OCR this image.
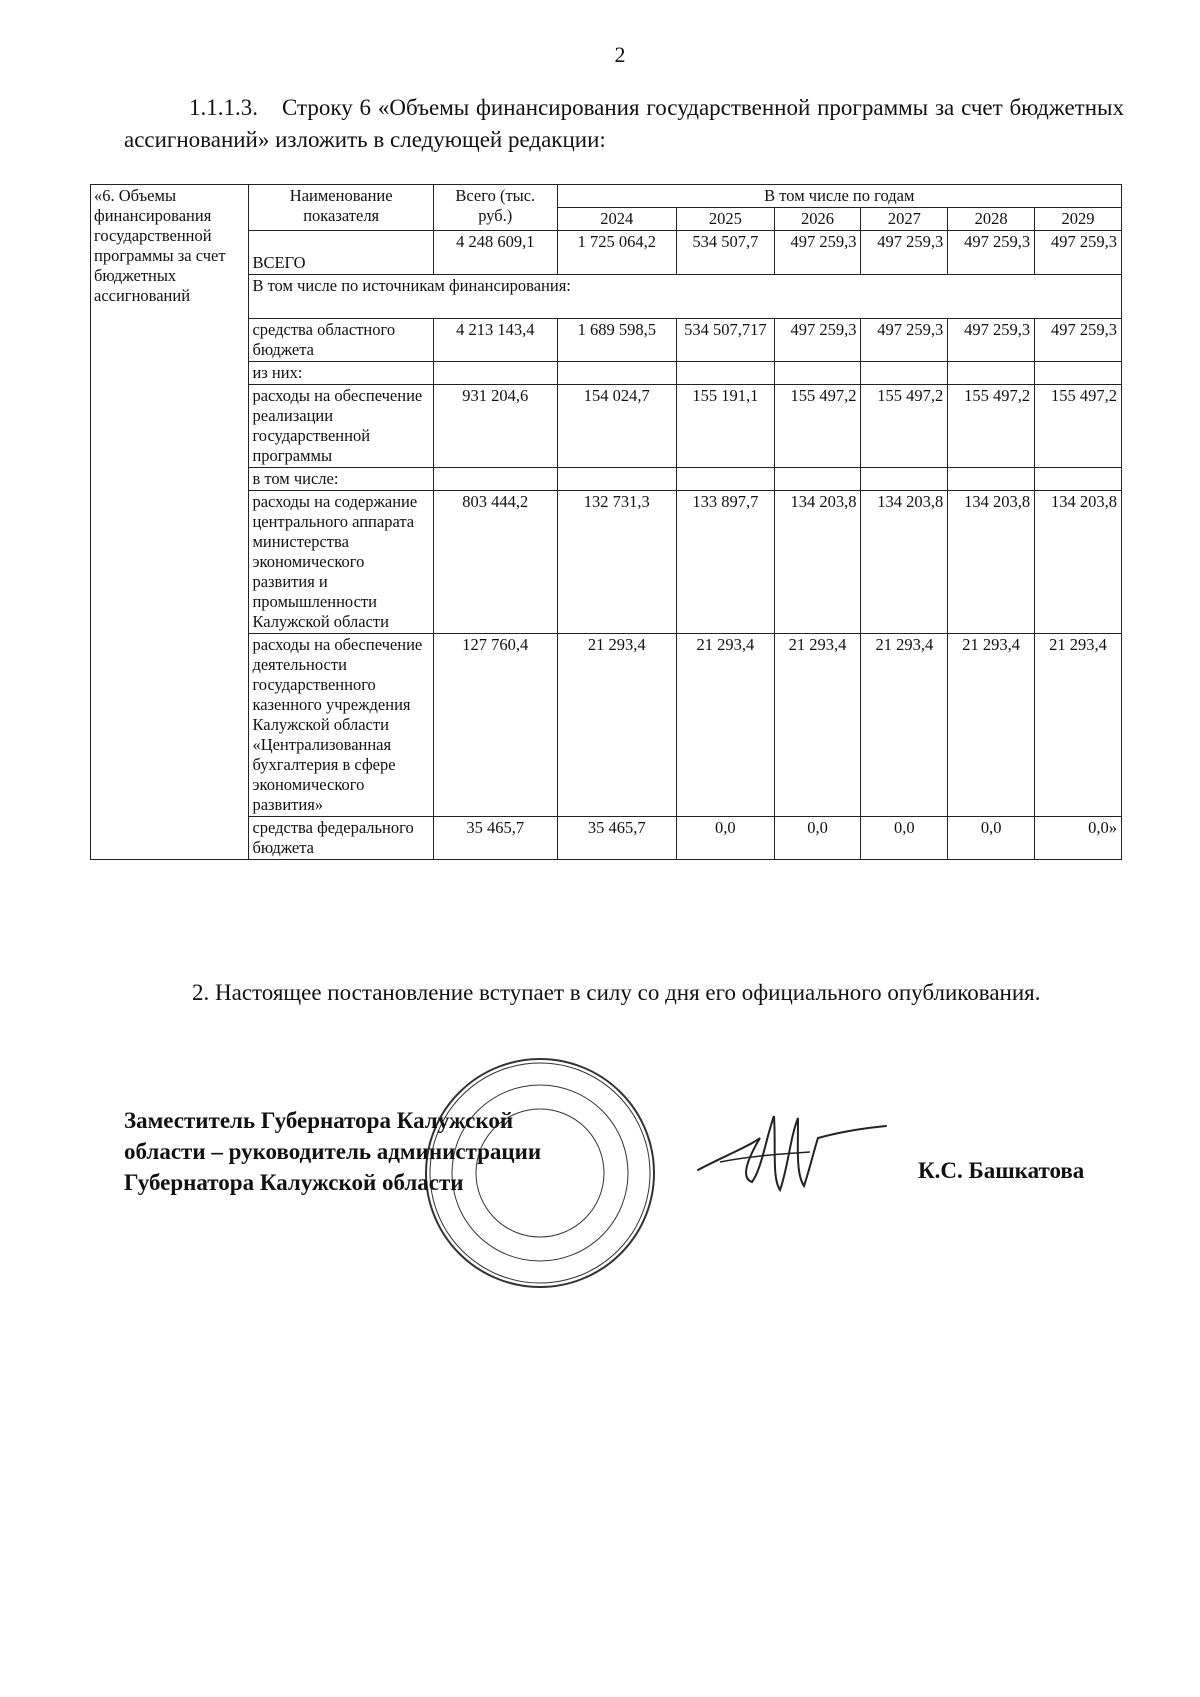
2
1.1.1.3. Строку 6 «Объемы финансирования государственной программы за счет бюджетных ассигнований» изложить в следующей редакции:
«6. Объемы финансирования государственной программы за счет бюджетных ассигнований	Наименование показателя	Всего (тыс. руб.)	В том числе по годам					
			2024	2025	2026	2027	2028	2029
	ВСЕГО	4 248 609,1	1 725 064,2	534 507,7	497 259,3	497 259,3	497 259,3	497 259,3
	В том числе по источникам финансирования:							
	средства областного бюджета	4 213 143,4	1 689 598,5	534 507,717	497 259,3	497 259,3	497 259,3	497 259,3
	из них:							
	расходы на обеспечение реализации государственной программы	931 204,6	154 024,7	155 191,1	155 497,2	155 497,2	155 497,2	155 497,2
	в том числе:							
	расходы на содержание центрального аппарата министерства экономического развития и промышленности Калужской области	803 444,2	132 731,3	133 897,7	134 203,8	134 203,8	134 203,8	134 203,8
	расходы на обеспечение деятельности государственного казенного учреждения Калужской области «Централизованная бухгалтерия в сфере экономического развития»	127 760,4	21 293,4	21 293,4	21 293,4	21 293,4	21 293,4	21 293,4
	средства федерального бюджета	35 465,7	35 465,7	0,0	0,0	0,0	0,0	0,0»
2. Настоящее постановление вступает в силу со дня его официального опубликования.
Заместитель Губернатора Калужской
области – руководитель администрации
Губернатора Калужской области	К.С. Башкатова
